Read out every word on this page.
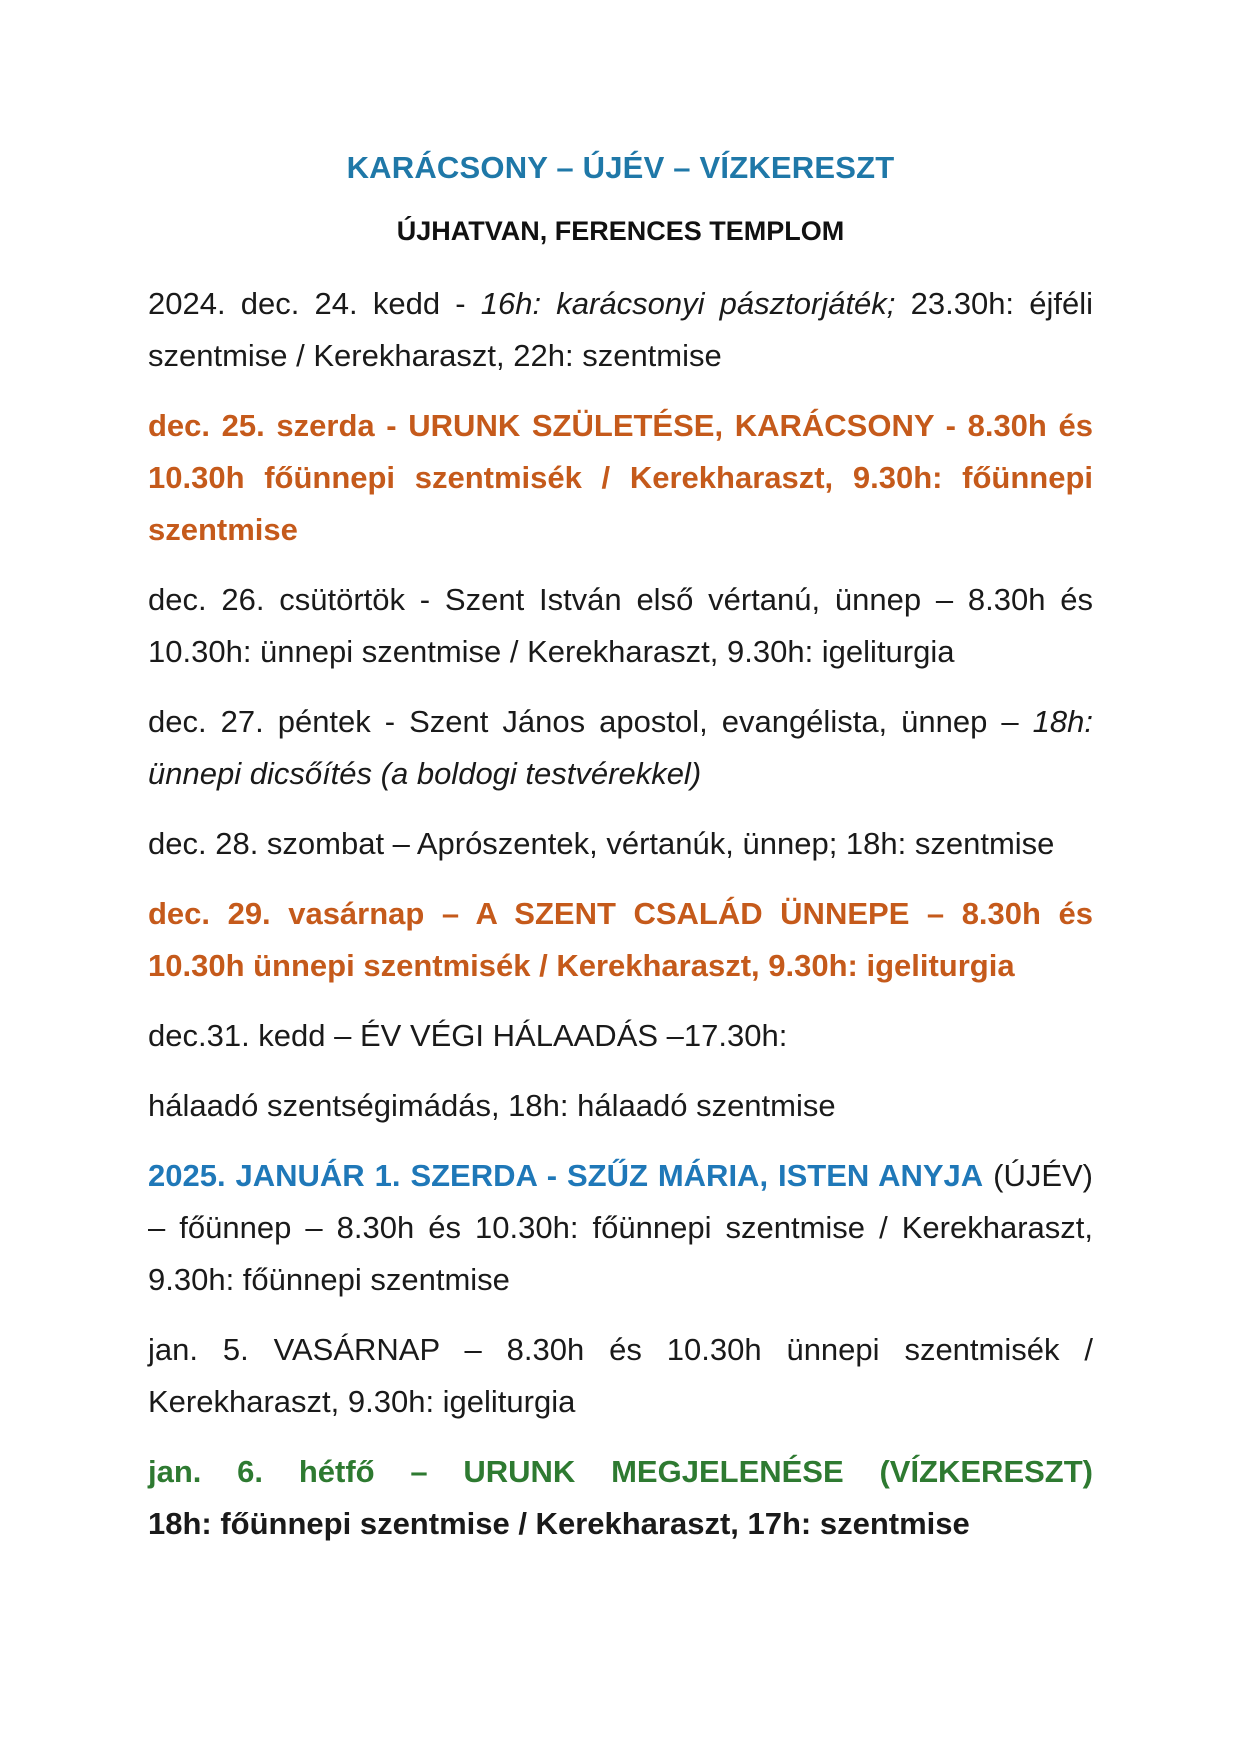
KARÁCSONY – ÚJÉV – VÍZKERESZT
ÚJHATVAN, FERENCES TEMPLOM

2024. dec. 24. kedd - 16h: karácsonyi pásztorjáték; 23.30h: éjféli szentmise / Kerekharaszt, 22h: szentmise

dec. 25. szerda - URUNK SZÜLETÉSE, KARÁCSONY - 8.30h és 10.30h főünnepi szentmisék / Kerekharaszt, 9.30h: főünnepi szentmise

dec. 26. csütörtök - Szent István első vértanú, ünnep – 8.30h és 10.30h: ünnepi szentmise / Kerekharaszt, 9.30h: igeliturgia

dec. 27. péntek - Szent János apostol, evangélista, ünnep – 18h: ünnepi dicsőítés (a boldogi testvérekkel)

dec. 28. szombat – Aprószentek, vértanúk, ünnep; 18h: szentmise

dec. 29. vasárnap – A SZENT CSALÁD ÜNNEPE – 8.30h és 10.30h ünnepi szentmisék / Kerekharaszt, 9.30h: igeliturgia

dec.31. kedd – ÉV VÉGI HÁLAADÁS –17.30h:

hálaadó szentségimádás, 18h: hálaadó szentmise

2025. JANUÁR 1. SZERDA - SZŰZ MÁRIA, ISTEN ANYJA (ÚJÉV) – főünnep – 8.30h és 10.30h: főünnepi szentmise / Kerekharaszt, 9.30h: főünnepi szentmise

jan. 5. VASÁRNAP – 8.30h és 10.30h ünnepi szentmisék / Kerekharaszt, 9.30h: igeliturgia

jan. 6. hétfő – URUNK MEGJELENÉSE (VÍZKERESZT)
18h: főünnepi szentmise / Kerekharaszt, 17h: szentmise
